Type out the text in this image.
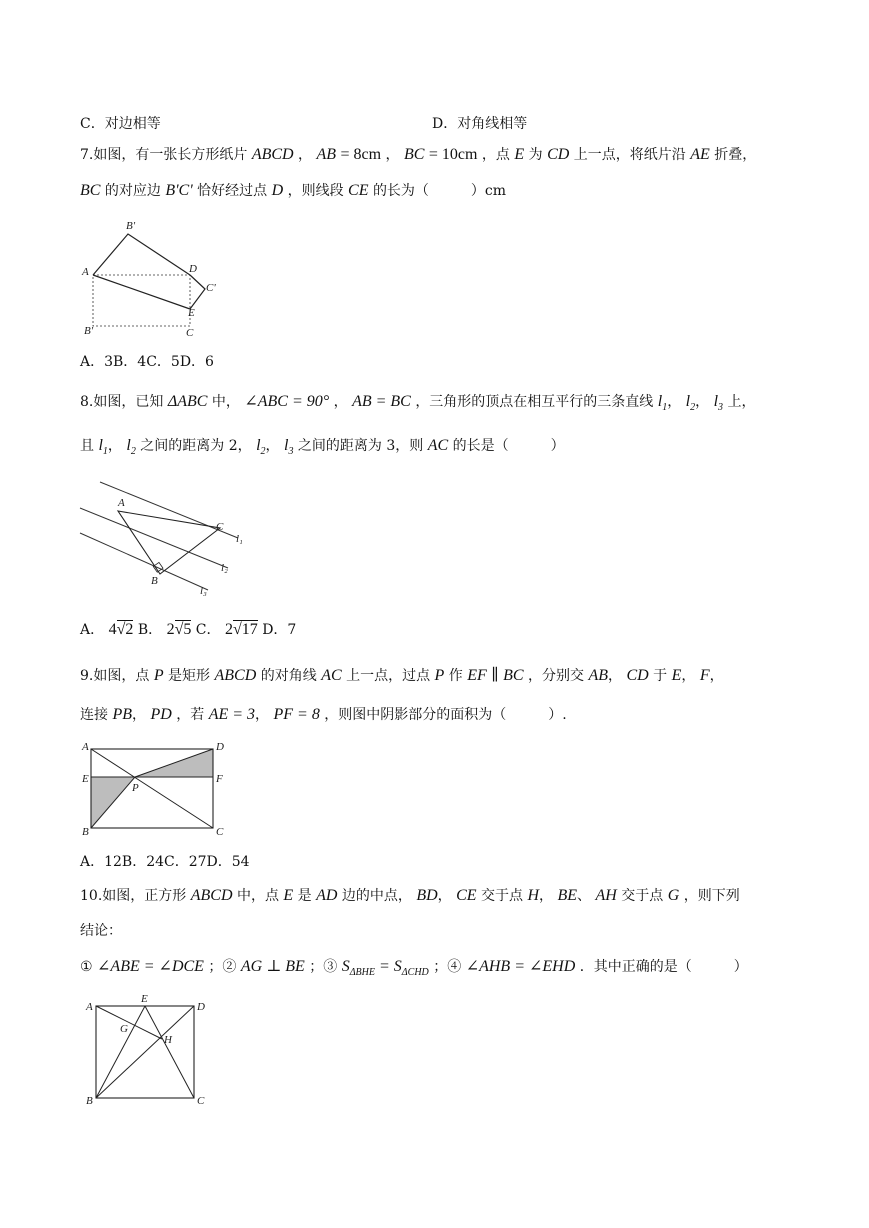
C．对边相等	D．对角线相等
7.如图，有一张长方形纸片 ABCD ， AB = 8cm ， BC = 10cm ，点 E 为 CD 上一点，将纸片沿 AE 折叠，
BC 的对应边 B'C' 恰好经过点 D ，则线段 CE 的长为（　　　）cm
A
B'
B'
D
C'
E
C
A．3B．4C．5D．6
8.如图，已知 ΔABC 中， ∠ABC = 90° ， AB = BC ，三角形的顶点在相互平行的三条直线 $l_1$， $l_2$， $l_3$ 上，
且 $l_1$， $l_2$ 之间的距离为 2， $l_2$， $l_3$ 之间的距离为 3，则 AC 的长是（　　　）
A
B
C
l₁
l₂
l₃
A． 4√2 B． 2√5 C． 2√17 D．7
9.如图，点 P 是矩形 ABCD 的对角线 AC 上一点，过点 P 作 EF ∥ BC ，分别交 AB， CD 于 E， F，
连接 PB， PD ，若 AE = 3， PF = 8 ，则图中阴影部分的面积为（　　　）.
A	D
E	F
P
B	C
A．12B．24C．27D．54
10.如图，正方形 ABCD 中，点 E 是 AD 边的中点， BD， CE 交于点 H， BE、 AH 交于点 G ，则下列
结论：
① ∠ABE = ∠DCE ；② AG ⊥ BE ；③ $S_{\Delta BHE} = S_{\Delta CHD}$ ；④ ∠AHB = ∠EHD ．其中正确的是（　　　）
A
E
D
G
H
B	C
